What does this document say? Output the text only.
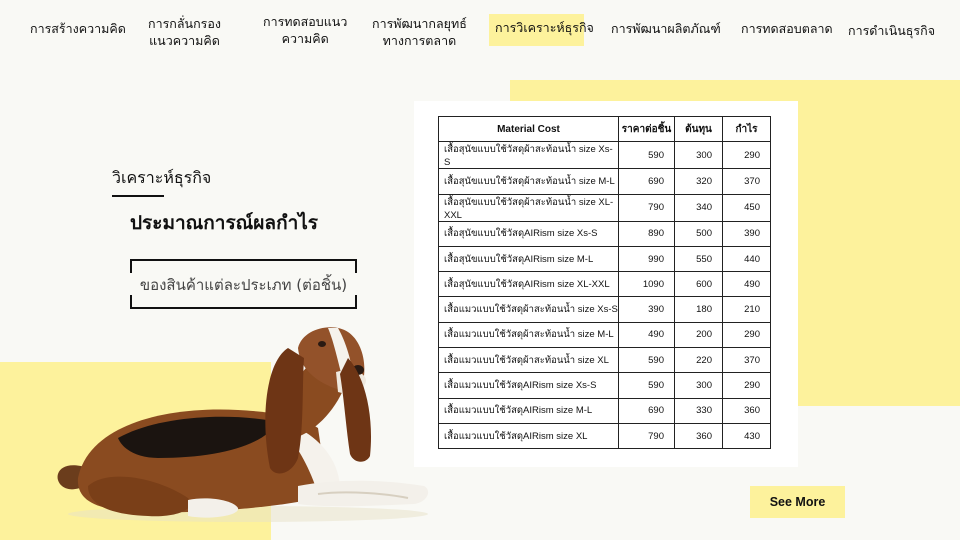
การสร้างความคิด การกลั่นกรอง
แนวความคิด
การทดสอบแนว
ความคิด
การพัฒนากลยุทธ์
ทางการตลาด
การวิเคราะห์ธุรกิจ การพัฒนาผลิตภัณฑ์ การทดสอบตลาด การดำเนินธุรกิจ
วิเคราะห์ธุรกิจ
ประมาณการณ์ผลกำไร
ของสินค้าแต่ละประเภท (ต่อชิ้น)
Material Cost	ราคาต่อชิ้น	ต้นทุน	กำไร
เสื้อสุนัขแบบใช้วัสดุผ้าสะท้อนน้ำ size Xs-S	590	300	290
เสื้อสุนัขแบบใช้วัสดุผ้าสะท้อนน้ำ size M-L	690	320	370
เสื้อสุนัขแบบใช้วัสดุผ้าสะท้อนน้ำ size XL-XXL	790	340	450
เสื้อสุนัขแบบใช้วัสดุAIRism size Xs-S	890	500	390
เสื้อสุนัขแบบใช้วัสดุAIRism size M-L	990	550	440
เสื้อสุนัขแบบใช้วัสดุAIRism size XL-XXL	1090	600	490
เสื้อแมวแบบใช้วัสดุผ้าสะท้อนน้ำ size Xs-S	390	180	210
เสื้อแมวแบบใช้วัสดุผ้าสะท้อนน้ำ size M-L	490	200	290
เสื้อแมวแบบใช้วัสดุผ้าสะท้อนน้ำ size XL	590	220	370
เสื้อแมวแบบใช้วัสดุAIRism size Xs-S	590	300	290
เสื้อแมวแบบใช้วัสดุAIRism size M-L	690	330	360
เสื้อแมวแบบใช้วัสดุAIRism size XL	790	360	430
See More
